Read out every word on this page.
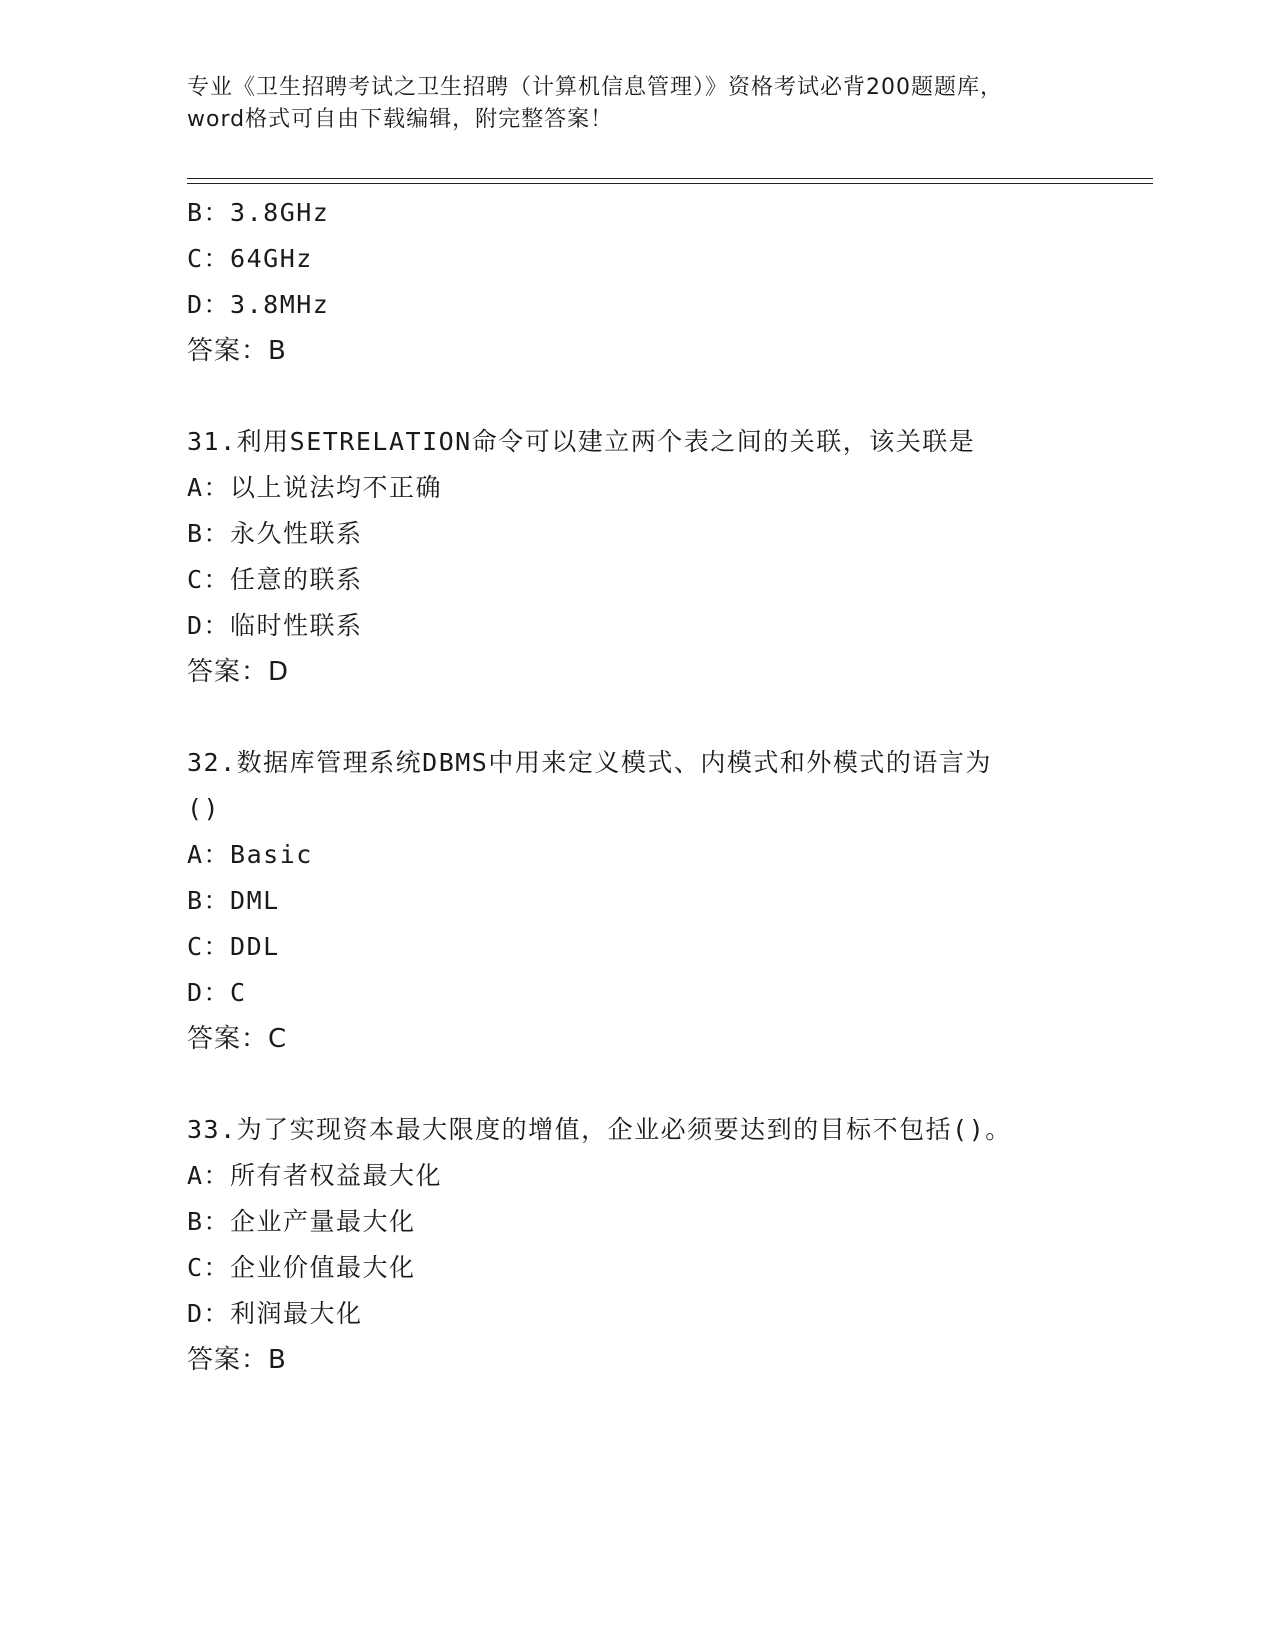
专业《卫生招聘考试之卫生招聘（计算机信息管理）》资格考试必背200题题库，
word格式可自由下载编辑，附完整答案！
B：3.8GHz
C：64GHz
D：3.8MHz
答案：B
31.利用SETRELATION命令可以建立两个表之间的关联，该关联是
A：以上说法均不正确
B：永久性联系
C：任意的联系
D：临时性联系
答案：D
32.数据库管理系统DBMS中用来定义模式、内模式和外模式的语言为
()
A：Basic
B：DML
C：DDL
D：C
答案：C
33.为了实现资本最大限度的增值，企业必须要达到的目标不包括()。
A：所有者权益最大化
B：企业产量最大化
C：企业价值最大化
D：利润最大化
答案：B
